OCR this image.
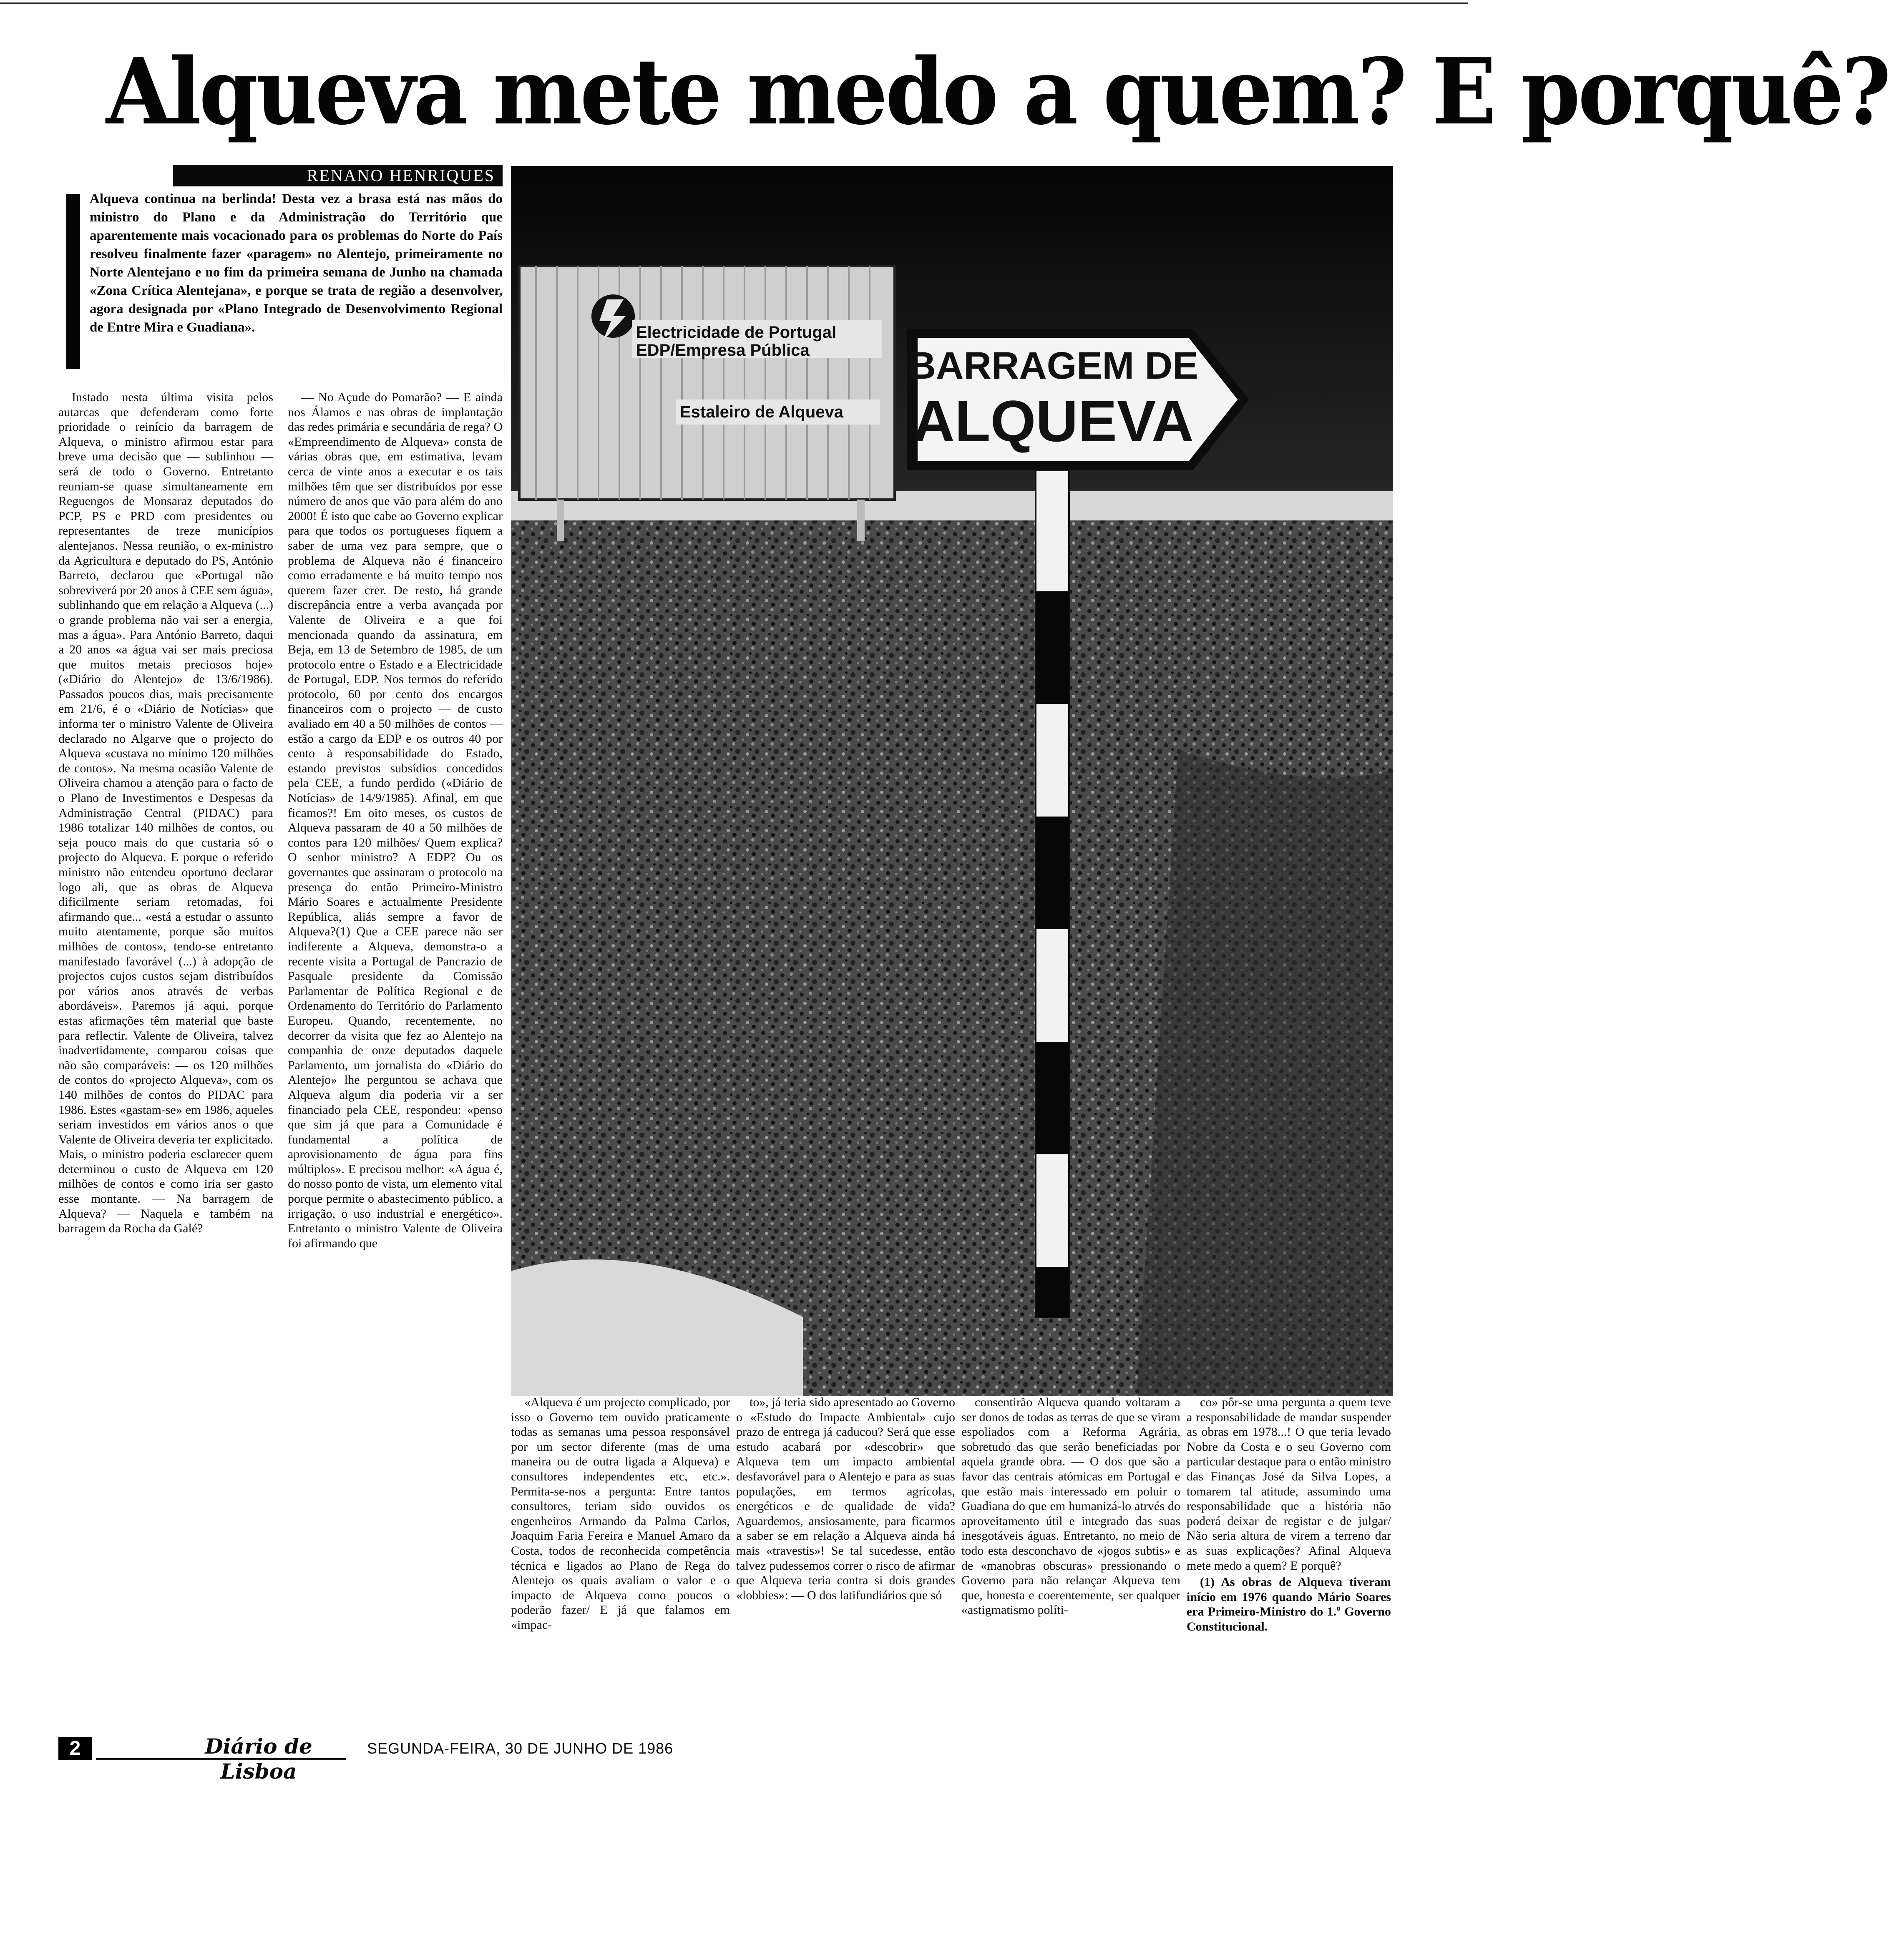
Alqueva mete medo a quem? E porquê?
RENANO HENRIQUES

Alqueva continua na berlinda! Desta vez a brasa está nas mãos do ministro do Plano e da Administração do Território que aparentemente mais vocacionado para os problemas do Norte do País resolveu finalmente fazer «paragem» no Alentejo, primeiramente no Norte Alentejano e no fim da primeira semana de Junho na chamada «Zona Crítica Alentejana», e porque se trata de região a desenvolver, agora designada por «Plano Integrado de Desenvolvimento Regional de Entre Mira e Guadiana».

Instado nesta última visita pelos autarcas que defenderam como forte prioridade o reinício da barragem de Alqueva, o ministro afirmou estar para breve uma decisão que — sublinhou — será de todo o Governo. Entretanto reuniam-se quase simultaneamente em Reguengos de Monsaraz deputados do PCP, PS e PRD com presidentes ou representantes de treze municípios alentejanos. Nessa reunião, o ex-ministro da Agricultura e deputado do PS, António Barreto, declarou que «Portugal não sobreviverá por 20 anos à CEE sem água», sublinhando que em relação a Alqueva (...) o grande problema não vai ser a energia, mas a água». Para António Barreto, daqui a 20 anos «a água vai ser mais preciosa que muitos metais preciosos hoje» («Diário do Alentejo» de 13/6/1986). Passados poucos dias, mais precisamente em 21/6, é o «Diário de Notícias» que informa ter o ministro Valente de Oliveira declarado no Algarve que o projecto do Alqueva «custava no mínimo 120 milhões de contos». Na mesma ocasião Valente de Oliveira chamou a atenção para o facto de o Plano de Investimentos e Despesas da Administração Central (PIDAC) para 1986 totalizar 140 milhões de contos, ou seja pouco mais do que custaria só o projecto do Alqueva. E porque o referido ministro não entendeu oportuno declarar logo ali, que as obras de Alqueva dificilmente seriam retomadas, foi afirmando que... «está a estudar o assunto muito atentamente, porque são muitos milhões de contos», tendo-se entretanto manifestado favorável (...) à adopção de projectos cujos custos sejam distribuídos por vários anos através de verbas abordáveis». Paremos já aqui, porque estas afirmações têm material que baste para reflectir. Valente de Oliveira, talvez inadvertidamente, comparou coisas que não são comparáveis: — os 120 milhões de contos do «projecto Alqueva», com os 140 milhões de contos do PIDAC para 1986. Estes «gastam-se» em 1986, aqueles seriam investidos em vários anos o que Valente de Oliveira deveria ter explicitado. Mais, o ministro poderia esclarecer quem determinou o custo de Alqueva em 120 milhões de contos e como iria ser gasto esse montante. — Na barragem de Alqueva? — Naquela e também na barragem da Rocha da Galé?

— No Açude do Pomarão? — E ainda nos Álamos e nas obras de implantação das redes primária e secundária de rega? O «Empreendimento de Alqueva» consta de várias obras que, em estimativa, levam cerca de vinte anos a executar e os tais milhões têm que ser distribuídos por esse número de anos que vão para além do ano 2000! É isto que cabe ao Governo explicar para que todos os portugueses fiquem a saber de uma vez para sempre, que o problema de Alqueva não é financeiro como erradamente e há muito tempo nos querem fazer crer. De resto, há grande discrepância entre a verba avançada por Valente de Oliveira e a que foi mencionada quando da assinatura, em Beja, em 13 de Setembro de 1985, de um protocolo entre o Estado e a Electricidade de Portugal, EDP. Nos termos do referido protocolo, 60 por cento dos encargos financeiros com o projecto — de custo avaliado em 40 a 50 milhões de contos — estão a cargo da EDP e os outros 40 por cento à responsabilidade do Estado, estando previstos subsídios concedidos pela CEE, a fundo perdido («Diário de Notícias» de 14/9/1985). Afinal, em que ficamos?! Em oito meses, os custos de Alqueva passaram de 40 a 50 milhões de contos para 120 milhões/ Quem explica? O senhor ministro? A EDP? Ou os governantes que assinaram o protocolo na presença do então Primeiro-Ministro Mário Soares e actualmente Presidente República, aliás sempre a favor de Alqueva?(1) Que a CEE parece não ser indiferente a Alqueva, demonstra-o a recente visita a Portugal de Pancrazio de Pasquale presidente da Comissão Parlamentar de Política Regional e de Ordenamento do Território do Parlamento Europeu. Quando, recentemente, no decorrer da visita que fez ao Alentejo na companhia de onze deputados daquele Parlamento, um jornalista do «Diário do Alentejo» lhe perguntou se achava que Alqueva algum dia poderia vir a ser financiado pela CEE, respondeu: «penso que sim já que para a Comunidade é fundamental a política de aprovisionamento de água para fins múltiplos». E precisou melhor: «A água é, do nosso ponto de vista, um elemento vital porque permite o abastecimento público, a irrigação, o uso industrial e energético». Entretanto o ministro Valente de Oliveira foi afirmando que

Electricidade de Portugal
EDP/Empresa Pública
Estaleiro de Alqueva
BARRAGEM DE
ALQUEVA

«Alqueva é um projecto complicado, por isso o Governo tem ouvido praticamente todas as semanas uma pessoa responsável por um sector diferente (mas de uma maneira ou de outra ligada a Alqueva) e consultores independentes etc, etc.». Permita-se-nos a pergunta: Entre tantos consultores, teriam sido ouvidos os engenheiros Armando da Palma Carlos, Joaquim Faria Fereira e Manuel Amaro da Costa, todos de reconhecida competência técnica e ligados ao Plano de Rega do Alentejo os quais avaliam o valor e o impacto de Alqueva como poucos o poderão fazer/ E já que falamos em «impac-

to», já teria sido apresentado ao Governo o «Estudo do Impacte Ambiental» cujo prazo de entrega já caducou? Será que esse estudo acabará por «descobrir» que Alqueva tem um impacto ambiental desfavorável para o Alentejo e para as suas populações, em termos agrícolas, energéticos e de qualidade de vida? Aguardemos, ansiosamente, para ficarmos a saber se em relação a Alqueva ainda há mais «travestis»! Se tal sucedesse, então talvez pudessemos correr o risco de afirmar que Alqueva teria contra si dois grandes «lobbies»: — O dos latifundiários que só

consentirão Alqueva quando voltaram a ser donos de todas as terras de que se viram espoliados com a Reforma Agrária, sobretudo das que serão beneficiadas por aquela grande obra. — O dos que são a favor das centrais atómicas em Portugal e que estão mais interessado em poluir o Guadiana do que em humanizá-lo atrvés do aproveitamento útil e integrado das suas inesgotáveis águas. Entretanto, no meio de todo esta desconchavo de «jogos subtis» e de «manobras obscuras» pressionando o Governo para não relançar Alqueva tem que, honesta e coerentemente, ser qualquer «astigmatismo políti-

co» pôr-se uma pergunta a quem teve a responsabilidade de mandar suspender as obras em 1978...! O que teria levado Nobre da Costa e o seu Governo com particular destaque para o então ministro das Finanças José da Silva Lopes, a tomarem tal atitude, assumindo uma responsabilidade que a história não poderá deixar de registar e de julgar/ Não seria altura de virem a terreno dar as suas explicações? Afinal Alqueva mete medo a quem? E porquê?

(1) As obras de Alqueva tiveram início em 1976 quando Mário Soares era Primeiro-Ministro do 1.º Governo Constitucional.

2	Diário de Lisboa
SEGUNDA-FEIRA, 30 DE JUNHO DE 1986
